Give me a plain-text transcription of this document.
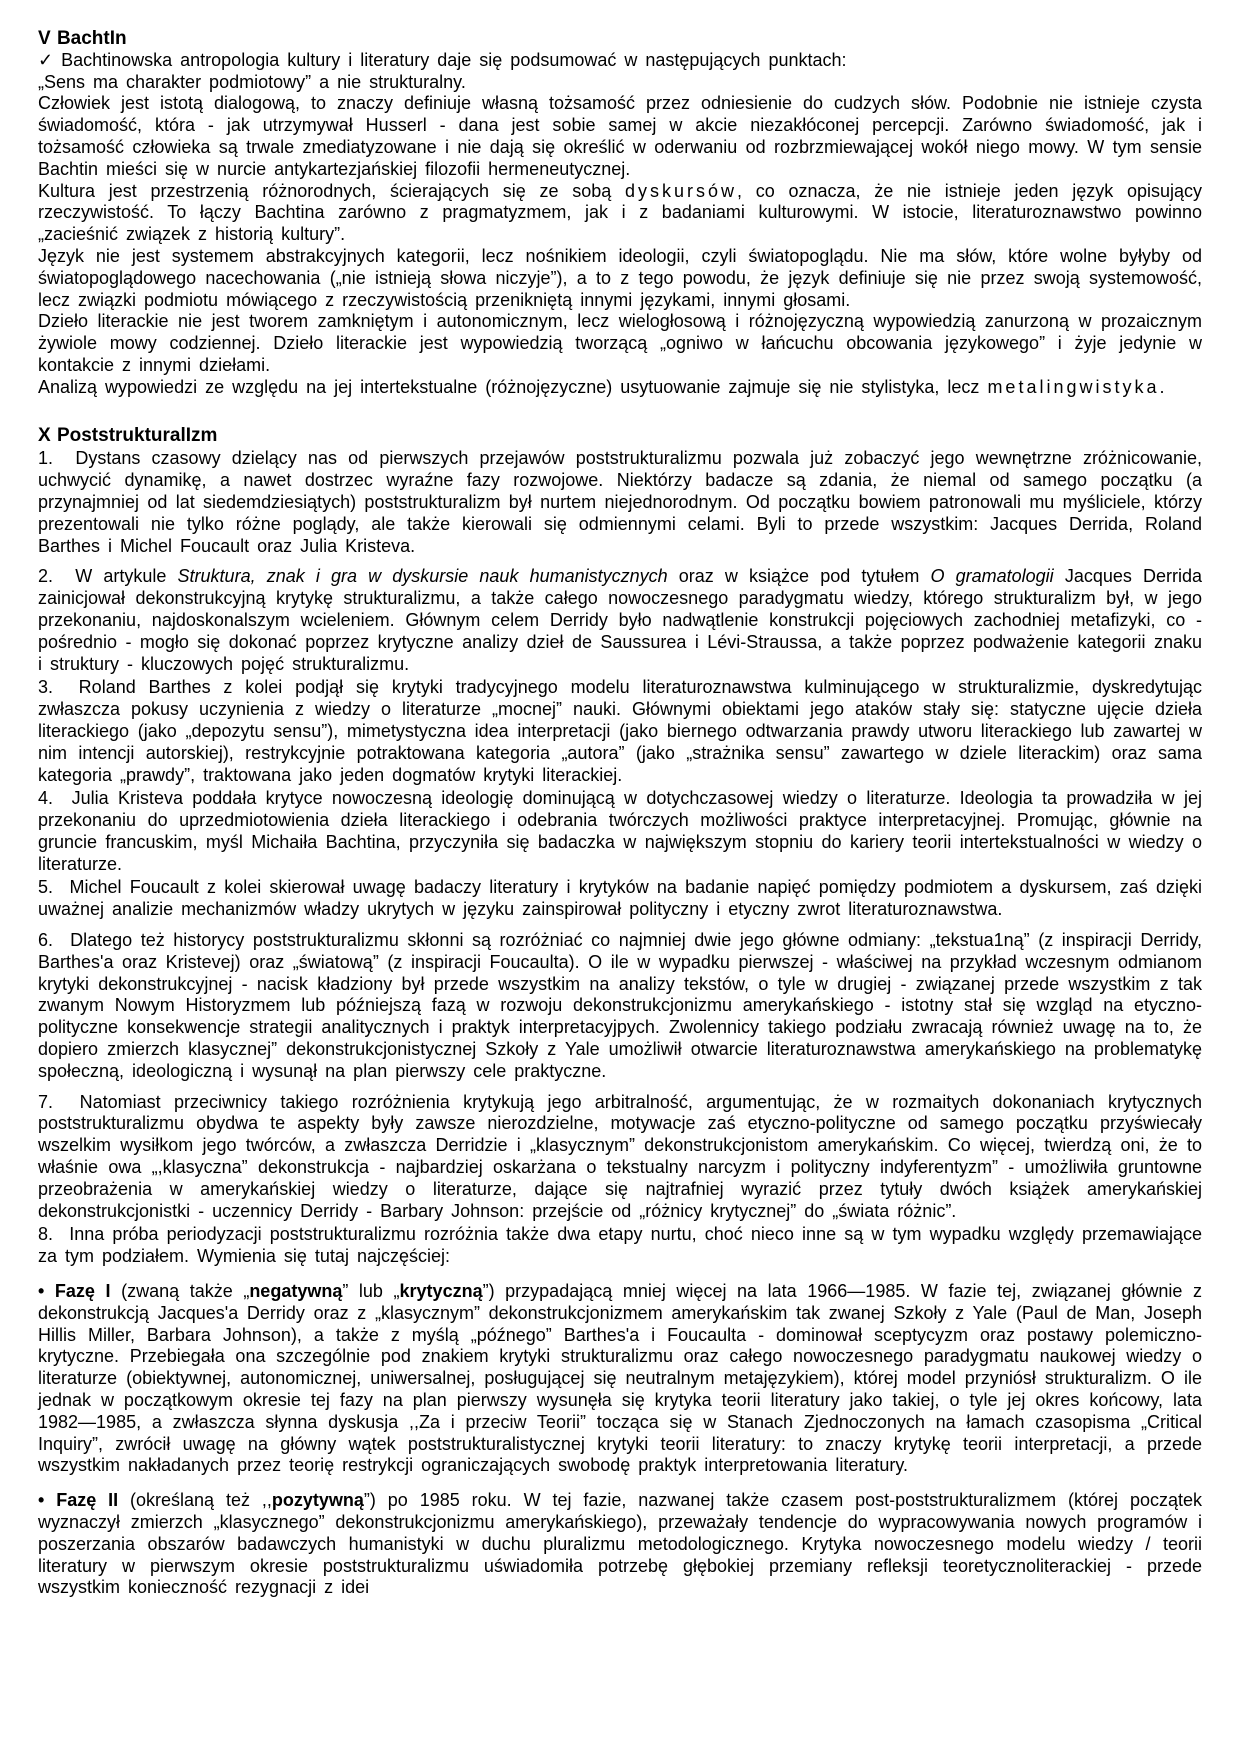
V BachtIn

✓ Bachtinowska antropologia kultury i literatury daje się podsumować w następujących punktach:

„Sens ma charakter podmiotowy” a nie strukturalny.

Człowiek jest istotą dialogową, to znaczy definiuje własną tożsamość przez odniesienie do cudzych słów. Podobnie nie istnieje czysta świadomość, która - jak utrzymywał Husserl - dana jest sobie samej w akcie niezakłóconej percepcji. Zarówno świadomość, jak i tożsamość człowieka są trwale zmediatyzowane i nie dają się określić w oderwaniu od rozbrzmiewającej wokół niego mowy. W tym sensie Bachtin mieści się w nurcie antykartezjańskiej filozofii hermeneutycznej.

Kultura jest przestrzenią różnorodnych, ścierających się ze sobą dyskursów, co oznacza, że nie istnieje jeden język opisujący rzeczywistość. To łączy Bachtina zarówno z pragmatyzmem, jak i z badaniami kulturowymi. W istocie, literaturoznawstwo powinno „zacieśnić związek z historią kultury”.

Język nie jest systemem abstrakcyjnych kategorii, lecz nośnikiem ideologii, czyli światopoglądu. Nie ma słów, które wolne byłyby od światopoglądowego nacechowania („nie istnieją słowa niczyje”), a to z tego powodu, że język definiuje się nie przez swoją systemowość, lecz związki podmiotu mówiącego z rzeczywistością przenikniętą innymi językami, innymi głosami.

Dzieło literackie nie jest tworem zamkniętym i autonomicznym, lecz wielogłosową i różnojęzyczną wypowiedzią zanurzoną w prozaicznym żywiole mowy codziennej. Dzieło literackie jest wypowiedzią tworzącą „ogniwo w łańcuchu obcowania językowego” i żyje jedynie w kontakcie z innymi dziełami.

Analizą wypowiedzi ze względu na jej intertekstualne (różnojęzyczne) usytuowanie zajmuje się nie stylistyka, lecz metalingwistyka.

X PoststrukturalIzm

1.  Dystans czasowy dzielący nas od pierwszych przejawów poststrukturalizmu pozwala już zobaczyć jego wewnętrzne zróżnicowanie, uchwycić dynamikę, a nawet dostrzec wyraźne fazy rozwojowe. Niektórzy badacze są zdania, że niemal od samego początku (a przynajmniej od lat siedemdziesiątych) poststrukturalizm był nurtem niejednorodnym. Od początku bowiem patronowali mu myśliciele, którzy prezentowali nie tylko różne poglądy, ale także kierowali się odmiennymi celami. Byli to przede wszystkim: Jacques Derrida, Roland Barthes i Michel Foucault oraz Julia Kristeva.

2.  W artykule Struktura, znak i gra w dyskursie nauk humanistycznych oraz w książce pod tytułem O gramatologii Jacques Derrida zainicjował dekonstrukcyjną krytykę strukturalizmu, a także całego nowoczesnego paradygmatu wiedzy, którego strukturalizm był, w jego przekonaniu, najdoskonalszym wcieleniem. Głównym celem Derridy było nadwątlenie konstrukcji pojęciowych zachodniej metafizyki, co - pośrednio - mogło się dokonać poprzez krytyczne analizy dzieł de Saussurea i Lévi-Straussa, a także poprzez podważenie kategorii znaku i struktury - kluczowych pojęć strukturalizmu.

3.  Roland Barthes z kolei podjął się krytyki tradycyjnego modelu literaturoznawstwa kulminującego w strukturalizmie, dyskredytując zwłaszcza pokusy uczynienia z wiedzy o literaturze „mocnej” nauki. Głównymi obiektami jego ataków stały się: statyczne ujęcie dzieła literackiego (jako „depozytu sensu”), mimetystyczna idea interpretacji (jako biernego odtwarzania prawdy utworu literackiego lub zawartej w nim intencji autorskiej), restrykcyjnie potraktowana kategoria „autora” (jako „strażnika sensu” zawartego w dziele literackim) oraz sama kategoria „prawdy”, traktowana jako jeden dogmatów krytyki literackiej.

4.  Julia Kristeva poddała krytyce nowoczesną ideologię dominującą w dotychczasowej wiedzy o literaturze. Ideologia ta prowadziła w jej przekonaniu do uprzedmiotowienia dzieła literackiego i odebrania twórczych możliwości praktyce interpretacyjnej. Promując, głównie na gruncie francuskim, myśl Michaiła Bachtina, przyczyniła się badaczka w największym stopniu do kariery teorii intertekstualności w wiedzy o literaturze.

5.  Michel Foucault z kolei skierował uwagę badaczy literatury i krytyków na badanie napięć pomiędzy podmiotem a dyskursem, zaś dzięki uważnej analizie mechanizmów władzy ukrytych w języku zainspirował polityczny i etyczny zwrot literaturoznawstwa.

6.  Dlatego też historycy poststrukturalizmu skłonni są rozróżniać co najmniej dwie jego główne odmiany: „tekstua1ną” (z inspiracji Derridy, Barthes'a oraz Kristevej) oraz „światową” (z inspiracji Foucaulta). O ile w wypadku pierwszej - właściwej na przykład wczesnym odmianom krytyki dekonstrukcyjnej - nacisk kładziony był przede wszystkim na analizy tekstów, o tyle w drugiej - związanej przede wszystkim z tak zwanym Nowym Historyzmem lub późniejszą fazą w rozwoju dekonstrukcjonizmu amerykańskiego - istotny stał się wzgląd na etyczno-polityczne konsekwencje strategii analitycznych i praktyk interpretacyjpych. Zwolennicy takiego podziału zwracają również uwagę na to, że dopiero zmierzch klasycznej” dekonstrukcjonistycznej Szkoły z Yale umożliwił otwarcie literaturoznawstwa amerykańskiego na problematykę społeczną, ideologiczną i wysunął na plan pierwszy cele praktyczne.

7.  Natomiast przeciwnicy takiego rozróżnienia krytykują jego arbitralność, argumentując, że w rozmaitych dokonaniach krytycznych poststrukturalizmu obydwa te aspekty były zawsze nierozdzielne, motywacje zaś etyczno-polityczne od samego początku przyświecały wszelkim wysiłkom jego twórców, a zwłaszcza Derridzie i „klasycznym” dekonstrukcjonistom amerykańskim. Co więcej, twierdzą oni, że to właśnie owa „,klasyczna” dekonstrukcja - najbardziej oskarżana o tekstualny narcyzm i polityczny indyferentyzm” - umożliwiła gruntowne przeobrażenia w amerykańskiej wiedzy o literaturze, dające się najtrafniej wyrazić przez tytuły dwóch książek amerykańskiej dekonstrukcjonistki - uczennicy Derridy - Barbary Johnson: przejście od „różnicy krytycznej” do „świata różnic”.

8.  Inna próba periodyzacji poststrukturalizmu rozróżnia także dwa etapy nurtu, choć nieco inne są w tym wypadku względy przemawiające za tym podziałem. Wymienia się tutaj najczęściej:

• Fazę I (zwaną także „negatywną” lub „krytyczną”) przypadającą mniej więcej na lata 1966—1985. W fazie tej, związanej głównie z dekonstrukcją Jacques'a Derridy oraz z „klasycznym” dekonstrukcjonizmem amerykańskim tak zwanej Szkoły z Yale (Paul de Man, Joseph Hillis Miller, Barbara Johnson), a także z myślą „późnego” Barthes'a i Foucaulta - dominował sceptycyzm oraz postawy polemiczno-krytyczne. Przebiegała ona szczególnie pod znakiem krytyki strukturalizmu oraz całego nowoczesnego paradygmatu naukowej wiedzy o literaturze (obiektywnej, autonomicznej, uniwersalnej, posługującej się neutralnym metajęzykiem), której model przyniósł strukturalizm. O ile jednak w początkowym okresie tej fazy na plan pierwszy wysunęła się krytyka teorii literatury jako takiej, o tyle jej okres końcowy, lata 1982—1985, a zwłaszcza słynna dyskusja ,,Za i przeciw Teorii” tocząca się w Stanach Zjednoczonych na łamach czasopisma „Critical Inquiry”, zwrócił uwagę na główny wątek poststrukturalistycznej krytyki teorii literatury: to znaczy krytykę teorii interpretacji, a przede wszystkim nakładanych przez teorię restrykcji ograniczających swobodę praktyk interpretowania literatury.

• Fazę II (określaną też ,,pozytywną”) po 1985 roku. W tej fazie, nazwanej także czasem post-poststrukturalizmem (której początek wyznaczył zmierzch „klasycznego” dekonstrukcjonizmu amerykańskiego), przeważały tendencje do wypracowywania nowych programów i poszerzania obszarów badawczych humanistyki w duchu pluralizmu metodologicznego. Krytyka nowoczesnego modelu wiedzy / teorii literatury w pierwszym okresie poststrukturalizmu uświadomiła potrzebę głębokiej przemiany refleksji teoretycznoliterackiej - przede wszystkim konieczność rezygnacji z idei
